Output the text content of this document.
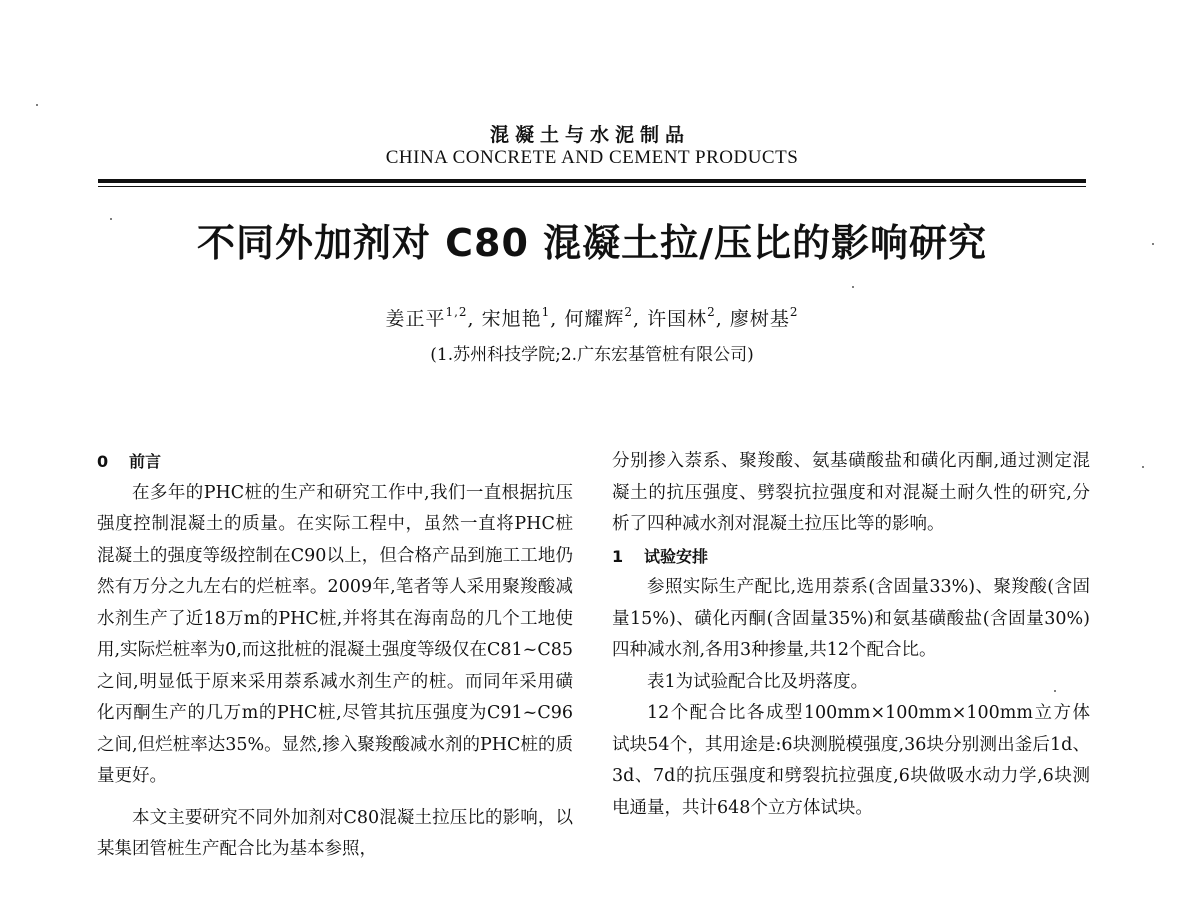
混凝土与水泥制品
CHINA CONCRETE AND CEMENT PRODUCTS
不同外加剂对 C80 混凝土拉/压比的影响研究
姜正平$^{1,2}$, 宋旭艳$^1$, 何耀辉$^2$, 许国林$^2$, 廖树基$^2$
(1.苏州科技学院;2.广东宏基管桩有限公司)
0 前言

在多年的PHC桩的生产和研究工作中,我们一直根据抗压强度控制混凝土的质量。在实际工程中，虽然一直将PHC桩混凝土的强度等级控制在C90以上，但合格产品到施工工地仍然有万分之九左右的烂桩率。2009年,笔者等人采用聚羧酸减水剂生产了近18万m的PHC桩,并将其在海南岛的几个工地使用,实际烂桩率为0,而这批桩的混凝土强度等级仅在C81~C85之间,明显低于原来采用萘系减水剂生产的桩。而同年采用磺化丙酮生产的几万m的PHC桩,尽管其抗压强度为C91~C96之间,但烂桩率达35%。显然,掺入聚羧酸减水剂的PHC桩的质量更好。

本文主要研究不同外加剂对C80混凝土拉压比的影响，以某集团管桩生产配合比为基本参照，

分别掺入萘系、聚羧酸、氨基磺酸盐和磺化丙酮,通过测定混凝土的抗压强度、劈裂抗拉强度和对混凝土耐久性的研究,分析了四种减水剂对混凝土拉压比等的影响。

1 试验安排

参照实际生产配比,选用萘系(含固量33%)、聚羧酸(含固量15%)、磺化丙酮(含固量35%)和氨基磺酸盐(含固量30%)四种减水剂,各用3种掺量,共12个配合比。

表1为试验配合比及坍落度。

12个配合比各成型100mm×100mm×100mm立方体试块54个，其用途是:6块测脱模强度,36块分别测出釜后1d、3d、7d的抗压强度和劈裂抗拉强度,6块做吸水动力学,6块测电通量，共计648个立方体试块。
